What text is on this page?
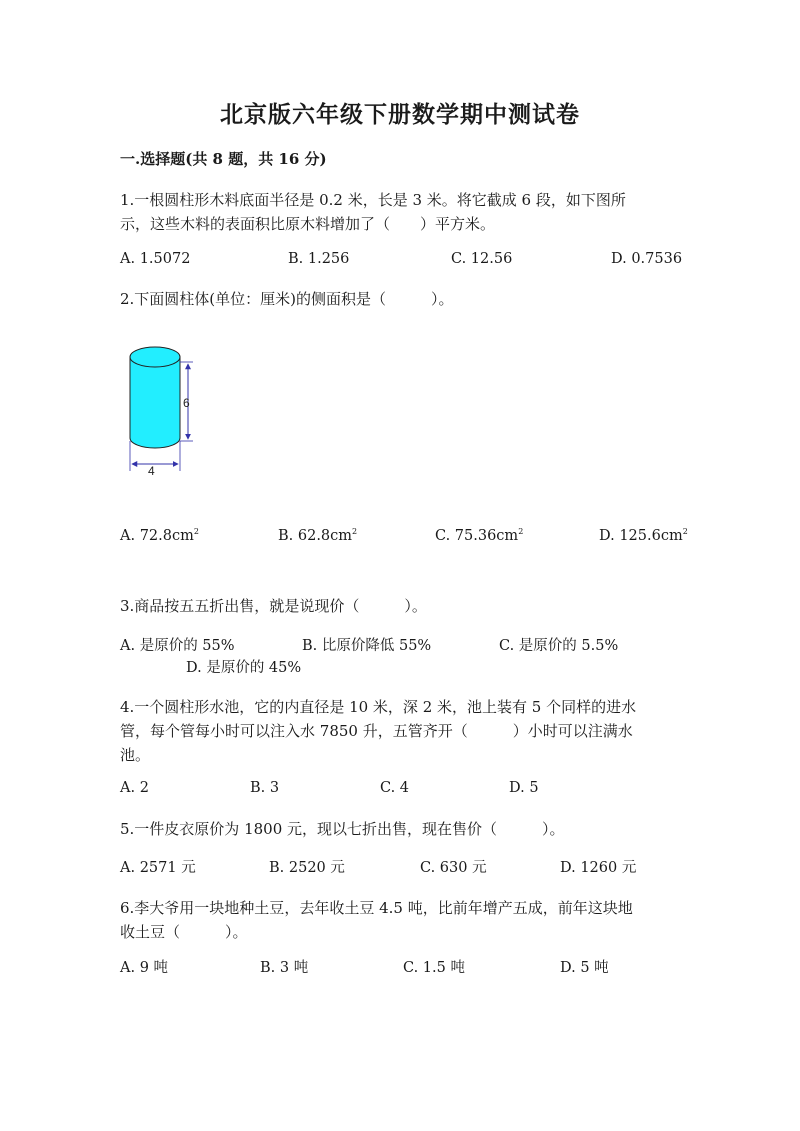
北京版六年级下册数学期中测试卷
一.选择题(共 8 题，共 16 分)
1.一根圆柱形木料底面半径是 0.2 米，长是 3 米。将它截成 6 段，如下图所
示，这些木料的表面积比原木料增加了（　　）平方米。
A. 1.5072	B. 1.256	C. 12.56	D. 0.7536
2.下面圆柱体(单位：厘米)的侧面积是（　　　）。
6
4
A. $72.8cm^2$	B. $62.8cm^2$	C. $75.36cm^2$	D. $125.6cm^2$
3.商品按五五折出售，就是说现价（　　　）。
A. 是原价的 55%	B. 比原价降低 55%	C. 是原价的 5.5%
D. 是原价的 45%
4.一个圆柱形水池，它的内直径是 10 米，深 2 米，池上装有 5 个同样的进水
管，每个管每小时可以注入水 7850 升，五管齐开（　　　）小时可以注满水
池。
A. 2	B. 3	C. 4	D. 5
5.一件皮衣原价为 1800 元，现以七折出售，现在售价（　　　）。
A. 2571 元	B. 2520 元	C. 630 元	D. 1260 元
6.李大爷用一块地种土豆，去年收土豆 4.5 吨，比前年增产五成，前年这块地
收土豆（　　　）。
A. 9 吨	B. 3 吨	C. 1.5 吨	D. 5 吨
